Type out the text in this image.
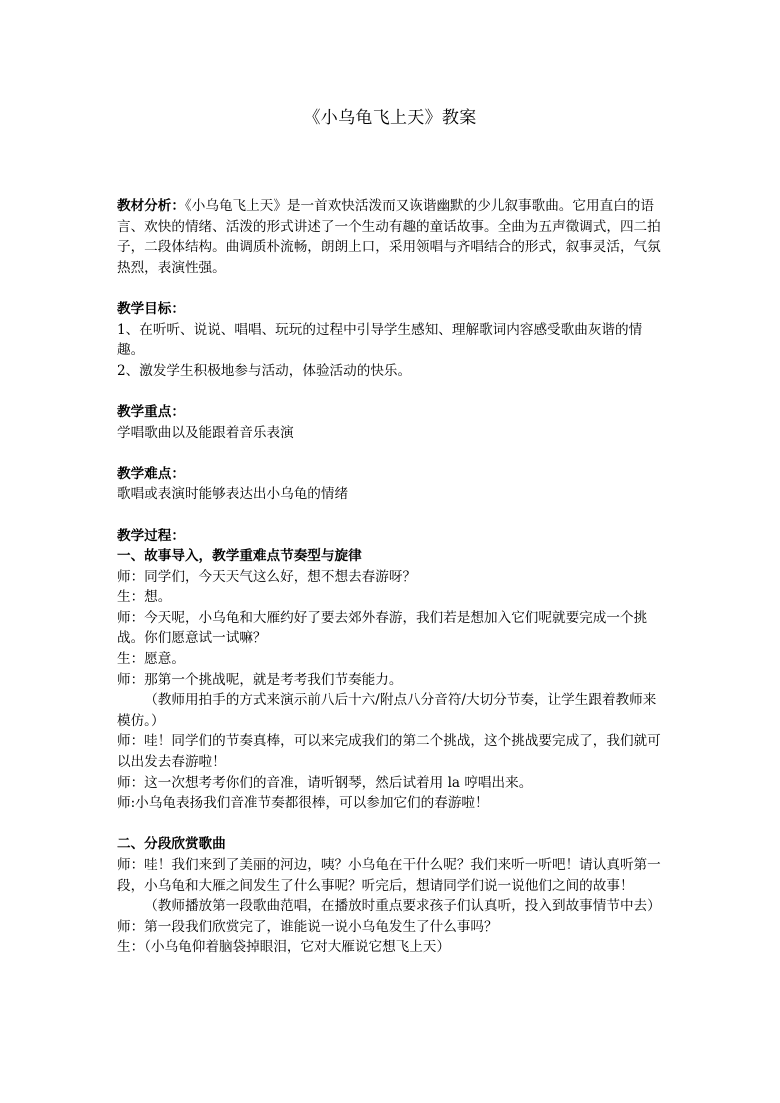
《小乌龟飞上天》教案

教材分析：《小乌龟飞上天》是一首欢快活泼而又诙谐幽默的少儿叙事歌曲。它用直白的语言、欢快的情绪、活泼的形式讲述了一个生动有趣的童话故事。全曲为五声徵调式，四二拍子，二段体结构。曲调质朴流畅，朗朗上口，采用领唱与齐唱结合的形式，叙事灵活，气氛热烈，表演性强。

教学目标：

1、在听听、说说、唱唱、玩玩的过程中引导学生感知、理解歌词内容感受歌曲灰谐的情趣。

2、激发学生积极地参与活动，体验活动的快乐。

教学重点：

学唱歌曲以及能跟着音乐表演

教学难点：

歌唱或表演时能够表达出小乌龟的情绪

教学过程：

一、故事导入，教学重难点节奏型与旋律

师：同学们，今天天气这么好，想不想去春游呀？

生：想。

师：今天呢，小乌龟和大雁约好了要去郊外春游，我们若是想加入它们呢就要完成一个挑战。你们愿意试一试嘛？

生：愿意。

师：那第一个挑战呢，就是考考我们节奏能力。

（教师用拍手的方式来演示前八后十六/附点八分音符/大切分节奏，让学生跟着教师来模仿。）

师：哇！同学们的节奏真棒，可以来完成我们的第二个挑战，这个挑战要完成了，我们就可以出发去春游啦！

师：这一次想考考你们的音准，请听钢琴，然后试着用 la 哼唱出来。

师:小乌龟表扬我们音准节奏都很棒，可以参加它们的春游啦！

二、分段欣赏歌曲

师：哇！我们来到了美丽的河边，咦？小乌龟在干什么呢？我们来听一听吧！请认真听第一段，小乌龟和大雁之间发生了什么事呢？听完后，想请同学们说一说他们之间的故事！

（教师播放第一段歌曲范唱，在播放时重点要求孩子们认真听，投入到故事情节中去）

师：第一段我们欣赏完了，谁能说一说小乌龟发生了什么事吗？

生：（小乌龟仰着脑袋掉眼泪，它对大雁说它想飞上天）
